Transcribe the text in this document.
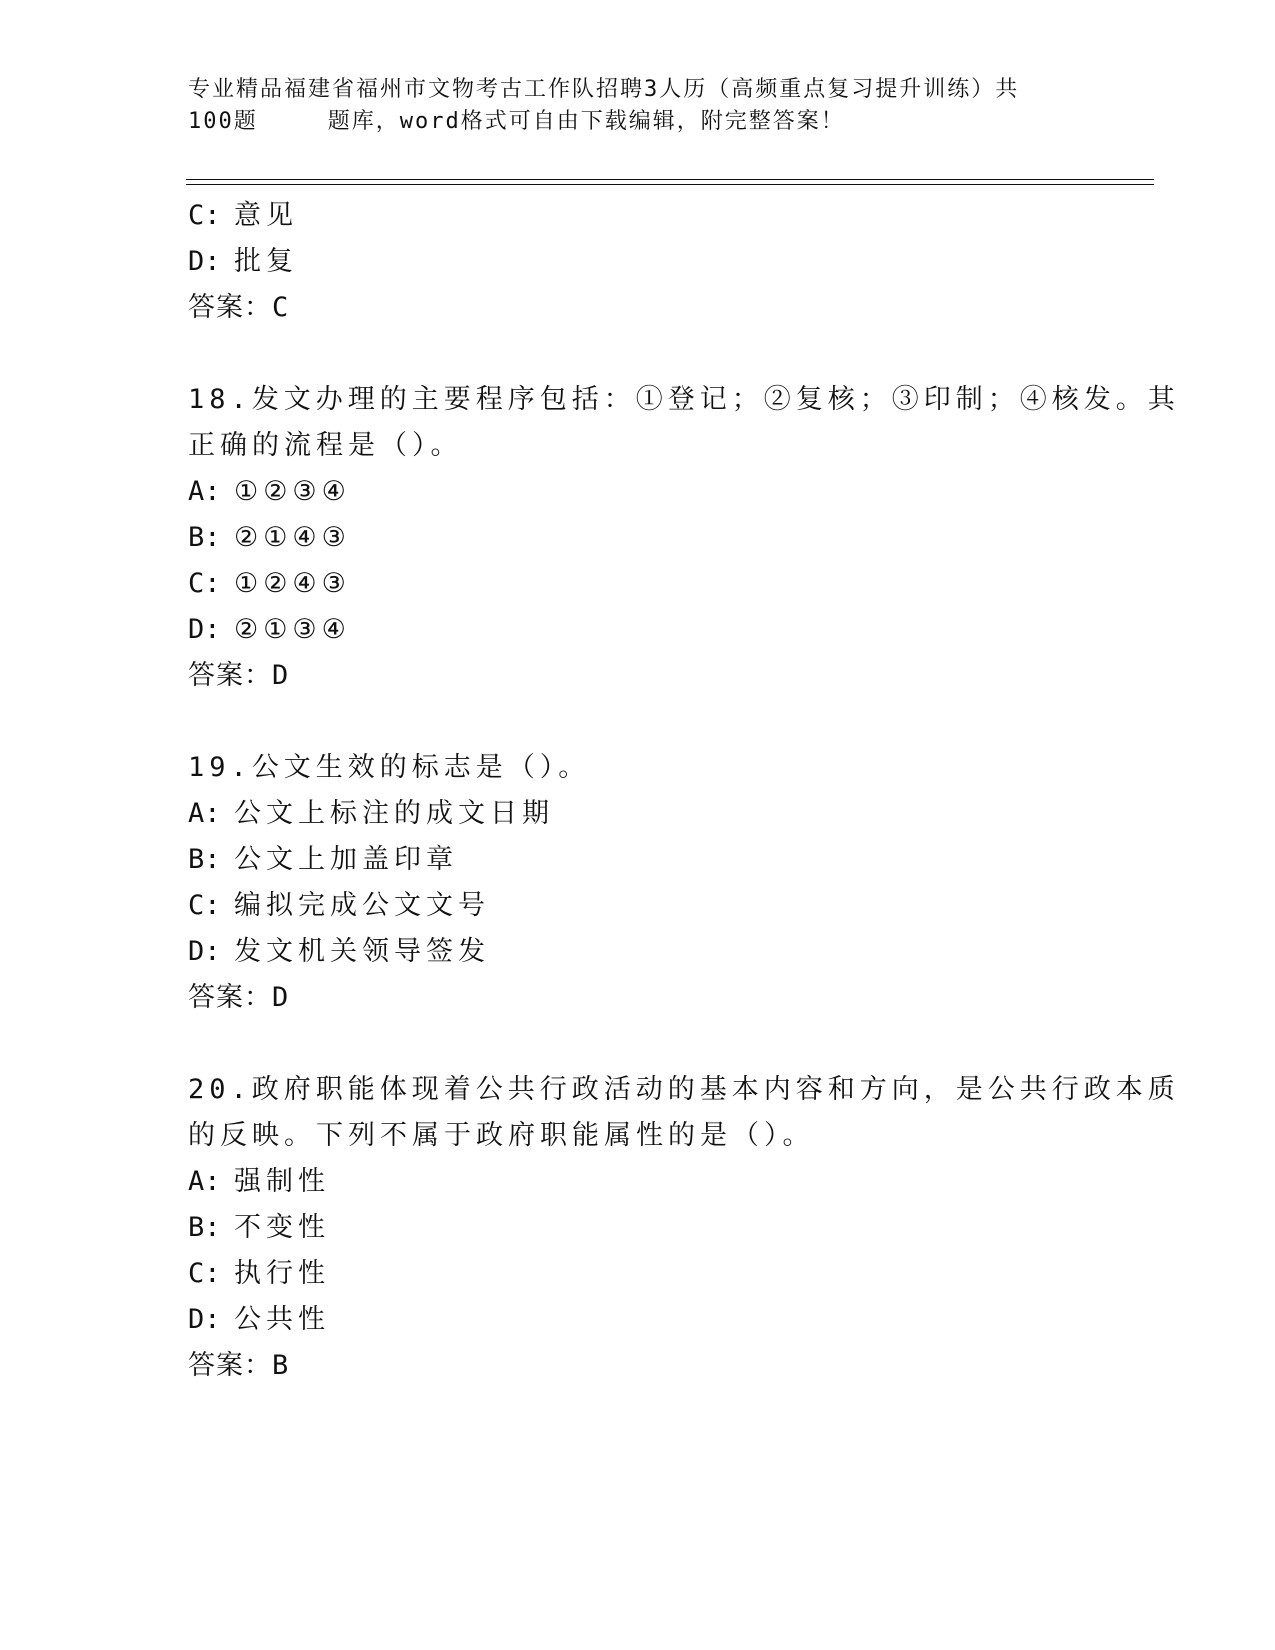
专业精品福建省福州市文物考古工作队招聘3人历（高频重点复习提升训练）共
100题	题库，word格式可自由下载编辑，附完整答案！
C: 意见
D: 批复
答案：C
18.发文办理的主要程序包括：①登记；②复核；③印制；④核发。其
正确的流程是（）。
A: ①②③④
B: ②①④③
C: ①②④③
D: ②①③④
答案：D
19.公文生效的标志是（）。
A: 公文上标注的成文日期
B: 公文上加盖印章
C: 编拟完成公文文号
D: 发文机关领导签发
答案：D
20.政府职能体现着公共行政活动的基本内容和方向，是公共行政本质
的反映。下列不属于政府职能属性的是（）。
A: 强制性
B: 不变性
C: 执行性
D: 公共性
答案：B
